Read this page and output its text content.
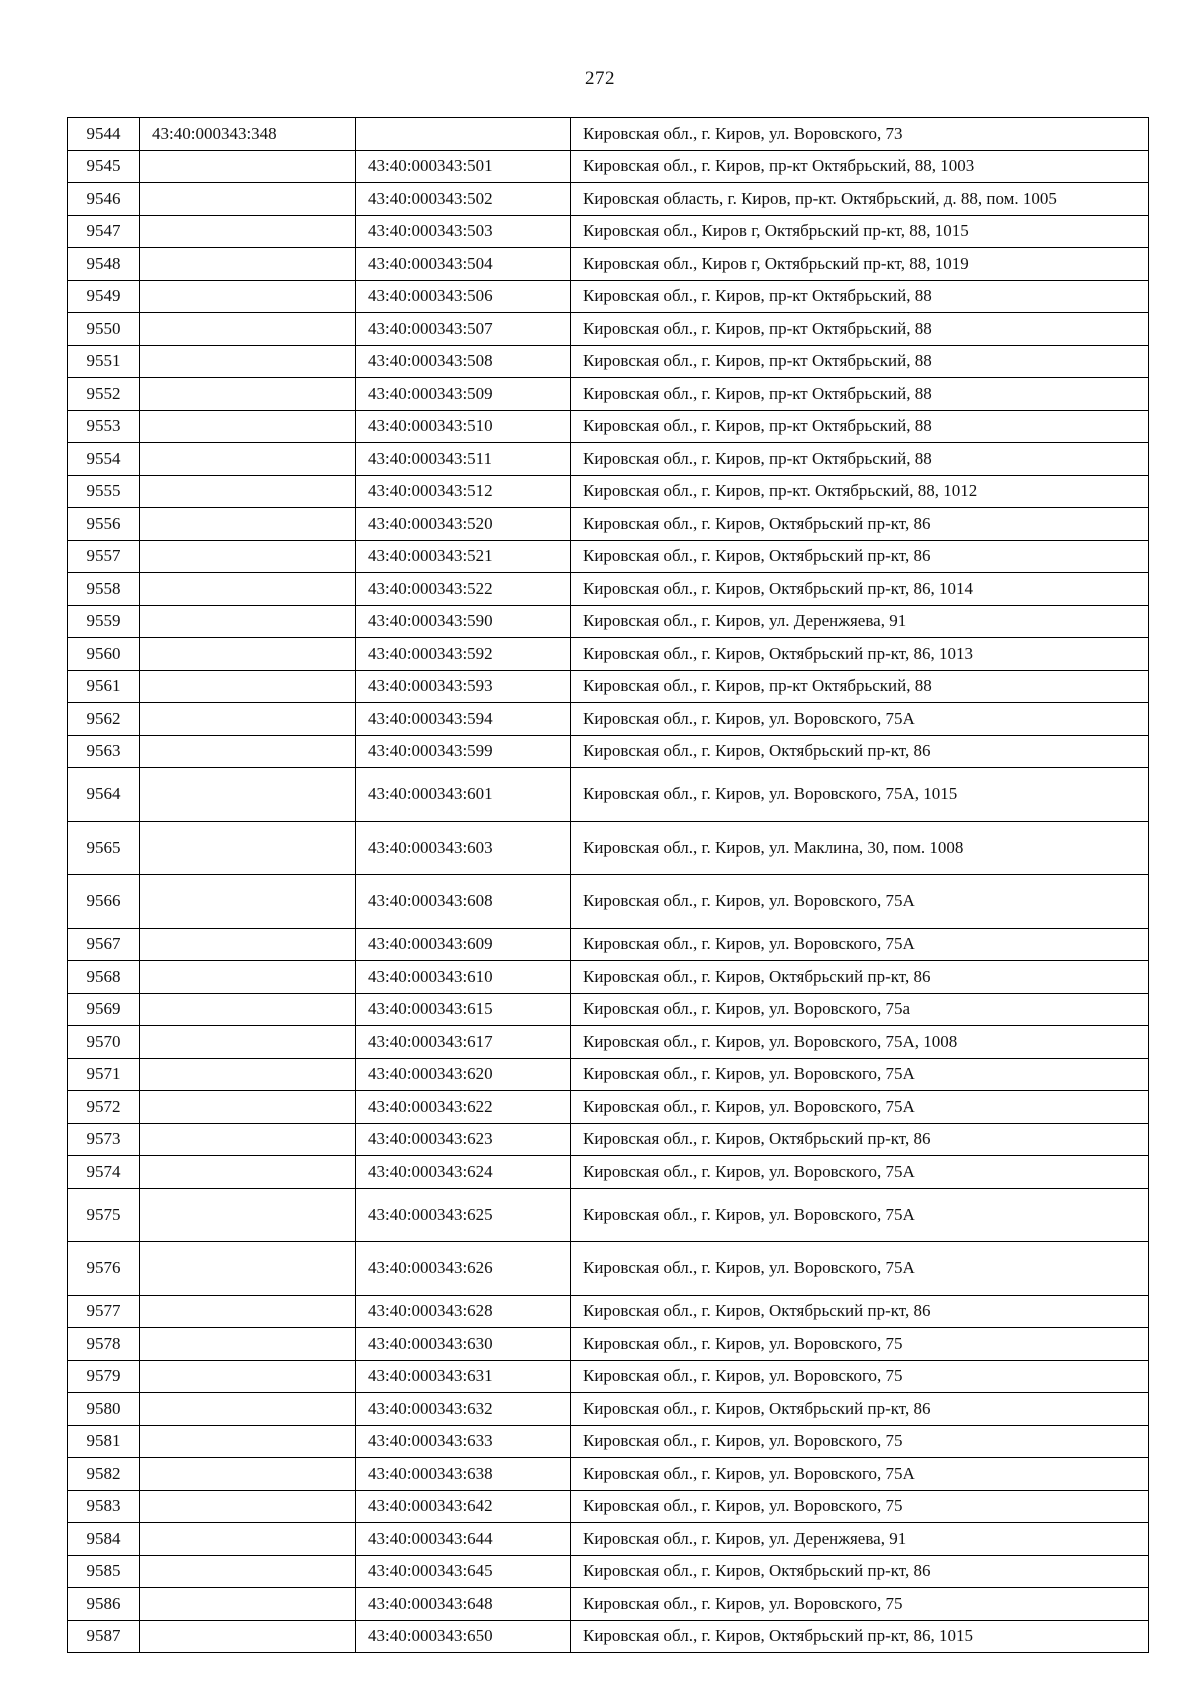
272
9544	43:40:000343:348		Кировская обл., г. Киров, ул. Воровского, 73
9545		43:40:000343:501	Кировская обл., г. Киров, пр-кт Октябрьский, 88, 1003
9546		43:40:000343:502	Кировская область, г. Киров, пр-кт. Октябрьский, д. 88, пом. 1005
9547		43:40:000343:503	Кировская обл., Киров г, Октябрьский пр-кт, 88, 1015
9548		43:40:000343:504	Кировская обл., Киров г, Октябрьский пр-кт, 88, 1019
9549		43:40:000343:506	Кировская обл., г. Киров, пр-кт Октябрьский, 88
9550		43:40:000343:507	Кировская обл., г. Киров, пр-кт Октябрьский, 88
9551		43:40:000343:508	Кировская обл., г. Киров, пр-кт Октябрьский, 88
9552		43:40:000343:509	Кировская обл., г. Киров, пр-кт Октябрьский, 88
9553		43:40:000343:510	Кировская обл., г. Киров, пр-кт Октябрьский, 88
9554		43:40:000343:511	Кировская обл., г. Киров, пр-кт Октябрьский, 88
9555		43:40:000343:512	Кировская обл., г. Киров, пр-кт. Октябрьский, 88, 1012
9556		43:40:000343:520	Кировская обл., г. Киров, Октябрьский пр-кт, 86
9557		43:40:000343:521	Кировская обл., г. Киров, Октябрьский пр-кт, 86
9558		43:40:000343:522	Кировская обл., г. Киров, Октябрьский пр-кт, 86, 1014
9559		43:40:000343:590	Кировская обл., г. Киров, ул. Деренжяева, 91
9560		43:40:000343:592	Кировская обл., г. Киров, Октябрьский пр-кт, 86, 1013
9561		43:40:000343:593	Кировская обл., г. Киров, пр-кт Октябрьский, 88
9562		43:40:000343:594	Кировская обл., г. Киров, ул. Воровского, 75А
9563		43:40:000343:599	Кировская обл., г. Киров, Октябрьский пр-кт, 86
9564		43:40:000343:601	Кировская обл., г. Киров, ул. Воровского, 75А, 1015
9565		43:40:000343:603	Кировская обл., г. Киров, ул. Маклина, 30, пом. 1008
9566		43:40:000343:608	Кировская обл., г. Киров, ул. Воровского, 75А
9567		43:40:000343:609	Кировская обл., г. Киров, ул. Воровского, 75А
9568		43:40:000343:610	Кировская обл., г. Киров, Октябрьский пр-кт, 86
9569		43:40:000343:615	Кировская обл., г. Киров, ул. Воровского, 75а
9570		43:40:000343:617	Кировская обл., г. Киров, ул. Воровского, 75А, 1008
9571		43:40:000343:620	Кировская обл., г. Киров, ул. Воровского, 75А
9572		43:40:000343:622	Кировская обл., г. Киров, ул. Воровского, 75А
9573		43:40:000343:623	Кировская обл., г. Киров, Октябрьский пр-кт, 86
9574		43:40:000343:624	Кировская обл., г. Киров, ул. Воровского, 75А
9575		43:40:000343:625	Кировская обл., г. Киров, ул. Воровского, 75А
9576		43:40:000343:626	Кировская обл., г. Киров, ул. Воровского, 75А
9577		43:40:000343:628	Кировская обл., г. Киров, Октябрьский пр-кт, 86
9578		43:40:000343:630	Кировская обл., г. Киров, ул. Воровского, 75
9579		43:40:000343:631	Кировская обл., г. Киров, ул. Воровского, 75
9580		43:40:000343:632	Кировская обл., г. Киров, Октябрьский пр-кт, 86
9581		43:40:000343:633	Кировская обл., г. Киров, ул. Воровского, 75
9582		43:40:000343:638	Кировская обл., г. Киров, ул. Воровского, 75А
9583		43:40:000343:642	Кировская обл., г. Киров, ул. Воровского, 75
9584		43:40:000343:644	Кировская обл., г. Киров, ул. Деренжяева, 91
9585		43:40:000343:645	Кировская обл., г. Киров, Октябрьский пр-кт, 86
9586		43:40:000343:648	Кировская обл., г. Киров, ул. Воровского, 75
9587		43:40:000343:650	Кировская обл., г. Киров, Октябрьский пр-кт, 86, 1015
